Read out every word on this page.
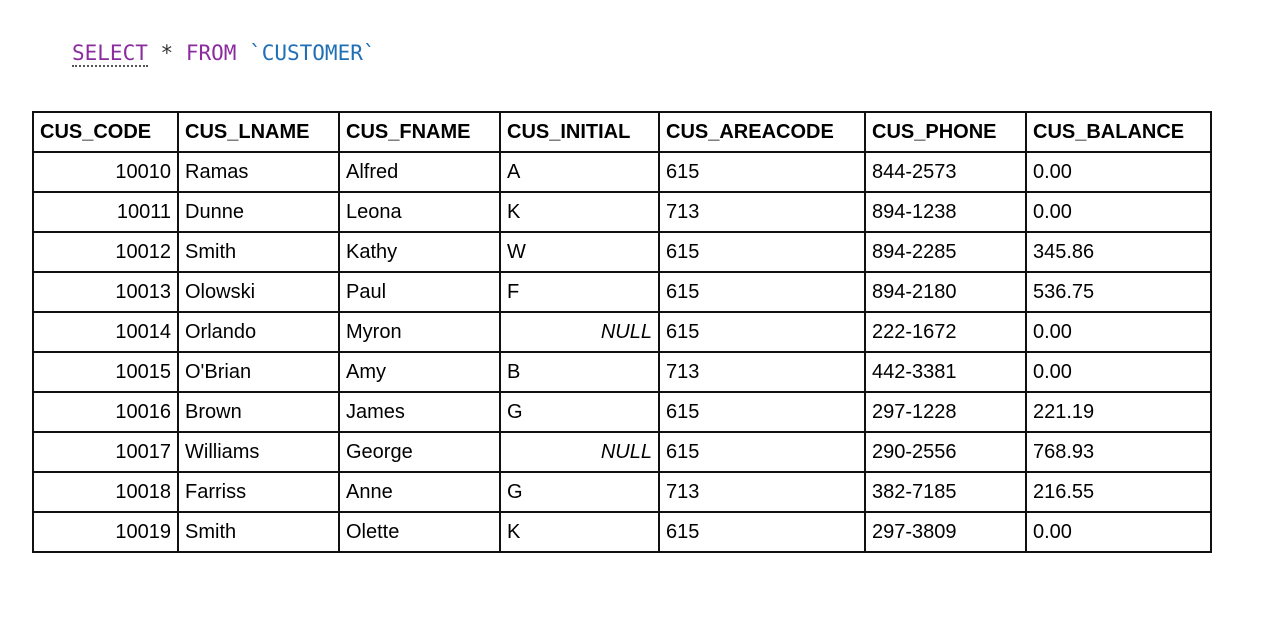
SELECT * FROM `CUSTOMER`
CUS_CODE	CUS_LNAME	CUS_FNAME	CUS_INITIAL	CUS_AREACODE	CUS_PHONE	CUS_BALANCE
10010	Ramas	Alfred	A	615	844-2573	0.00
10011	Dunne	Leona	K	713	894-1238	0.00
10012	Smith	Kathy	W	615	894-2285	345.86
10013	Olowski	Paul	F	615	894-2180	536.75
10014	Orlando	Myron	NULL	615	222-1672	0.00
10015	O'Brian	Amy	B	713	442-3381	0.00
10016	Brown	James	G	615	297-1228	221.19
10017	Williams	George	NULL	615	290-2556	768.93
10018	Farriss	Anne	G	713	382-7185	216.55
10019	Smith	Olette	K	615	297-3809	0.00
